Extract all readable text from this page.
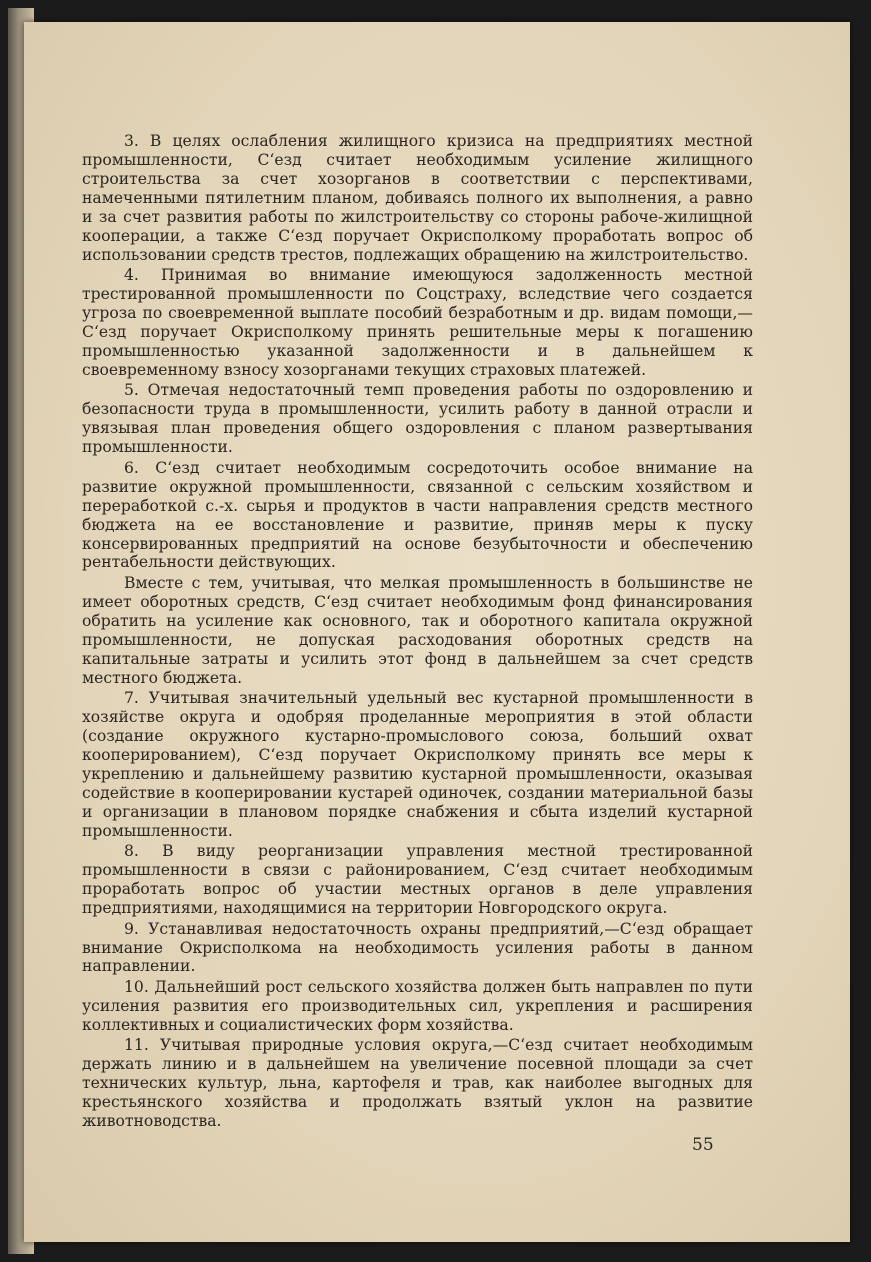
3. В целях ослабления жилищного кризиса на предприятиях местной промышленности, С‘езд считает необходимым усиление жилищного строительства за счет хозорганов в соответствии с перспективами, намеченными пятилетним планом, добиваясь полного их выполнения, а равно и за счет развития работы по жилстроительству со стороны рабоче-жилищной кооперации, а также С‘езд поручает Окрисполкому проработать вопрос об использовании средств трестов, подлежащих обращению на жилстроительство.

4. Принимая во внимание имеющуюся задолженность местной трестированной промышленности по Соцстраху, вследствие чего создается угроза по своевременной выплате пособий безработным и др. видам помощи,— С‘езд поручает Окрисполкому принять решительные меры к погашению промышленностью указанной задолженности и в дальнейшем к своевременному взносу хозорганами текущих страховых платежей.

5. Отмечая недостаточный темп проведения работы по оздоровлению и безопасности труда в промышленности, усилить работу в данной отрасли и увязывая план проведения общего оздоровления с планом развертывания промышленности.

6. С‘езд считает необходимым сосредоточить особое внимание на развитие окружной промышленности, связанной с сельским хозяйством и переработкой с.-х. сырья и продуктов в части направления средств местного бюджета на ее восстановление и развитие, приняв меры к пуску консервированных предприятий на основе безубыточности и обеспечению рентабельности действующих.

Вместе с тем, учитывая, что мелкая промышленность в большинстве не имеет оборотных средств, С‘езд считает необходимым фонд финансирования обратить на усиление как основного, так и оборотного капитала окружной промышленности, не допуская расходования оборотных средств на капитальные затраты и усилить этот фонд в дальнейшем за счет средств местного бюджета.

7. Учитывая значительный удельный вес кустарной промышленности в хозяйстве округа и одобряя проделанные мероприятия в этой области (создание окружного кустарно-промыслового союза, больший охват кооперированием), С‘езд поручает Окрисполкому принять все меры к укреплению и дальнейшему развитию кустарной промышленности, оказывая содействие в кооперировании кустарей одиночек, создании материальной базы и организации в плановом порядке снабжения и сбыта изделий кустарной промышленности.

8. В виду реорганизации управления местной трестированной промышленности в связи с районированием, С‘езд считает необходимым проработать вопрос об участии местных органов в деле управления предприятиями, находящимися на территории Новгородского округа.

9. Устанавливая недостаточность охраны предприятий,—С‘езд обращает внимание Окрисполкома на необходимость усиления работы в данном направлении.

10. Дальнейший рост сельского хозяйства должен быть направлен по пути усиления развития его производительных сил, укрепления и расширения коллективных и социалистических форм хозяйства.

11. Учитывая природные условия округа,—С‘езд считает необходимым держать линию и в дальнейшем на увеличение посевной площади за счет технических культур, льна, картофеля и трав, как наиболее выгодных для крестьянского хозяйства и продолжать взятый уклон на развитие животноводства.

55
